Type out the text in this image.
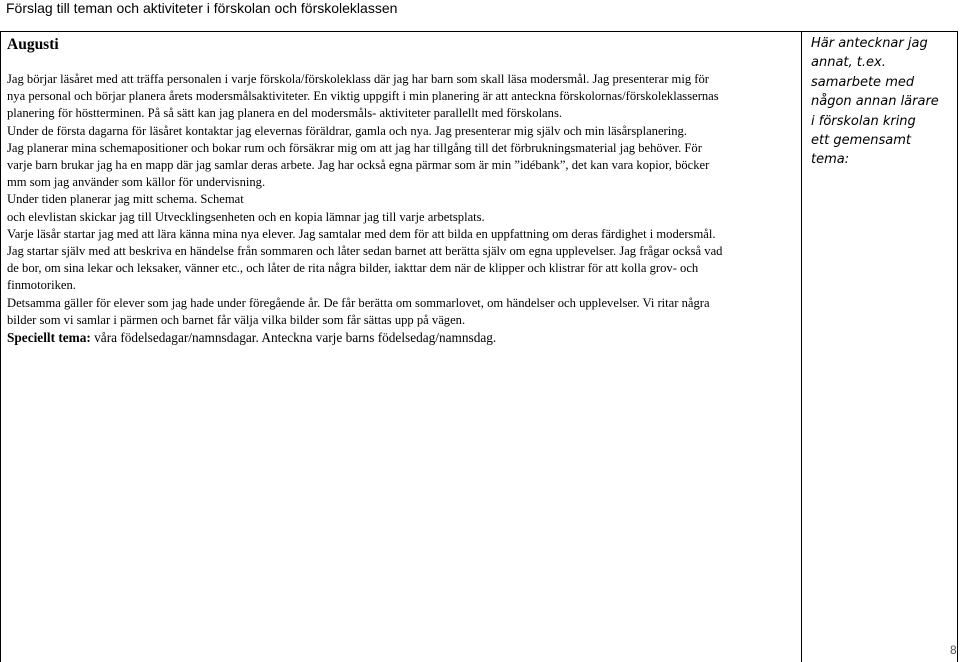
Förslag till teman och aktiviteter i förskolan och förskoleklassen
Augusti

Jag börjar läsåret med att träffa personalen i varje förskola/förskoleklass där jag har barn som skall läsa modersmål. Jag presenterar mig för

nya personal och börjar planera årets modersmålsaktiviteter. En viktig uppgift i min planering är att anteckna förskolornas/förskoleklassernas

planering för höstterminen. På så sätt kan jag planera en del modersmåls- aktiviteter parallellt med förskolans.

Under de första dagarna för läsåret kontaktar jag elevernas föräldrar, gamla och nya. Jag presenterar mig själv och min läsårsplanering.

Jag planerar mina schemapositioner och bokar rum och försäkrar mig om att jag har tillgång till det förbrukningsmaterial jag behöver. För

varje barn brukar jag ha en mapp där jag samlar deras arbete. Jag har också egna pärmar som är min ”idébank”, det kan vara kopior, böcker

mm som jag använder som källor för undervisning.

Under tiden planerar jag mitt schema. Schemat

och elevlistan skickar jag till Utvecklingsenheten och en kopia lämnar jag till varje arbetsplats.

Varje läsår startar jag med att lära känna mina nya elever. Jag samtalar med dem för att bilda en uppfattning om deras färdighet i modersmål.

Jag startar själv med att beskriva en händelse från sommaren och låter sedan barnet att berätta själv om egna upplevelser. Jag frågar också vad

de bor, om sina lekar och leksaker, vänner etc., och låter de rita några bilder, iakttar dem när de klipper och klistrar för att kolla grov- och

finmotoriken.

Detsamma gäller för elever som jag hade under föregående år. De får berätta om sommarlovet, om händelser och upplevelser. Vi ritar några

bilder som vi samlar i pärmen och barnet får välja vilka bilder som får sättas upp på vägen.

Speciellt tema: våra födelsedagar/namnsdagar. Anteckna varje barns födelsedag/namnsdag.

Här antecknar jag

annat, t.ex.

samarbete med

någon annan lärare

i förskolan kring

ett gemensamt

tema:

8
